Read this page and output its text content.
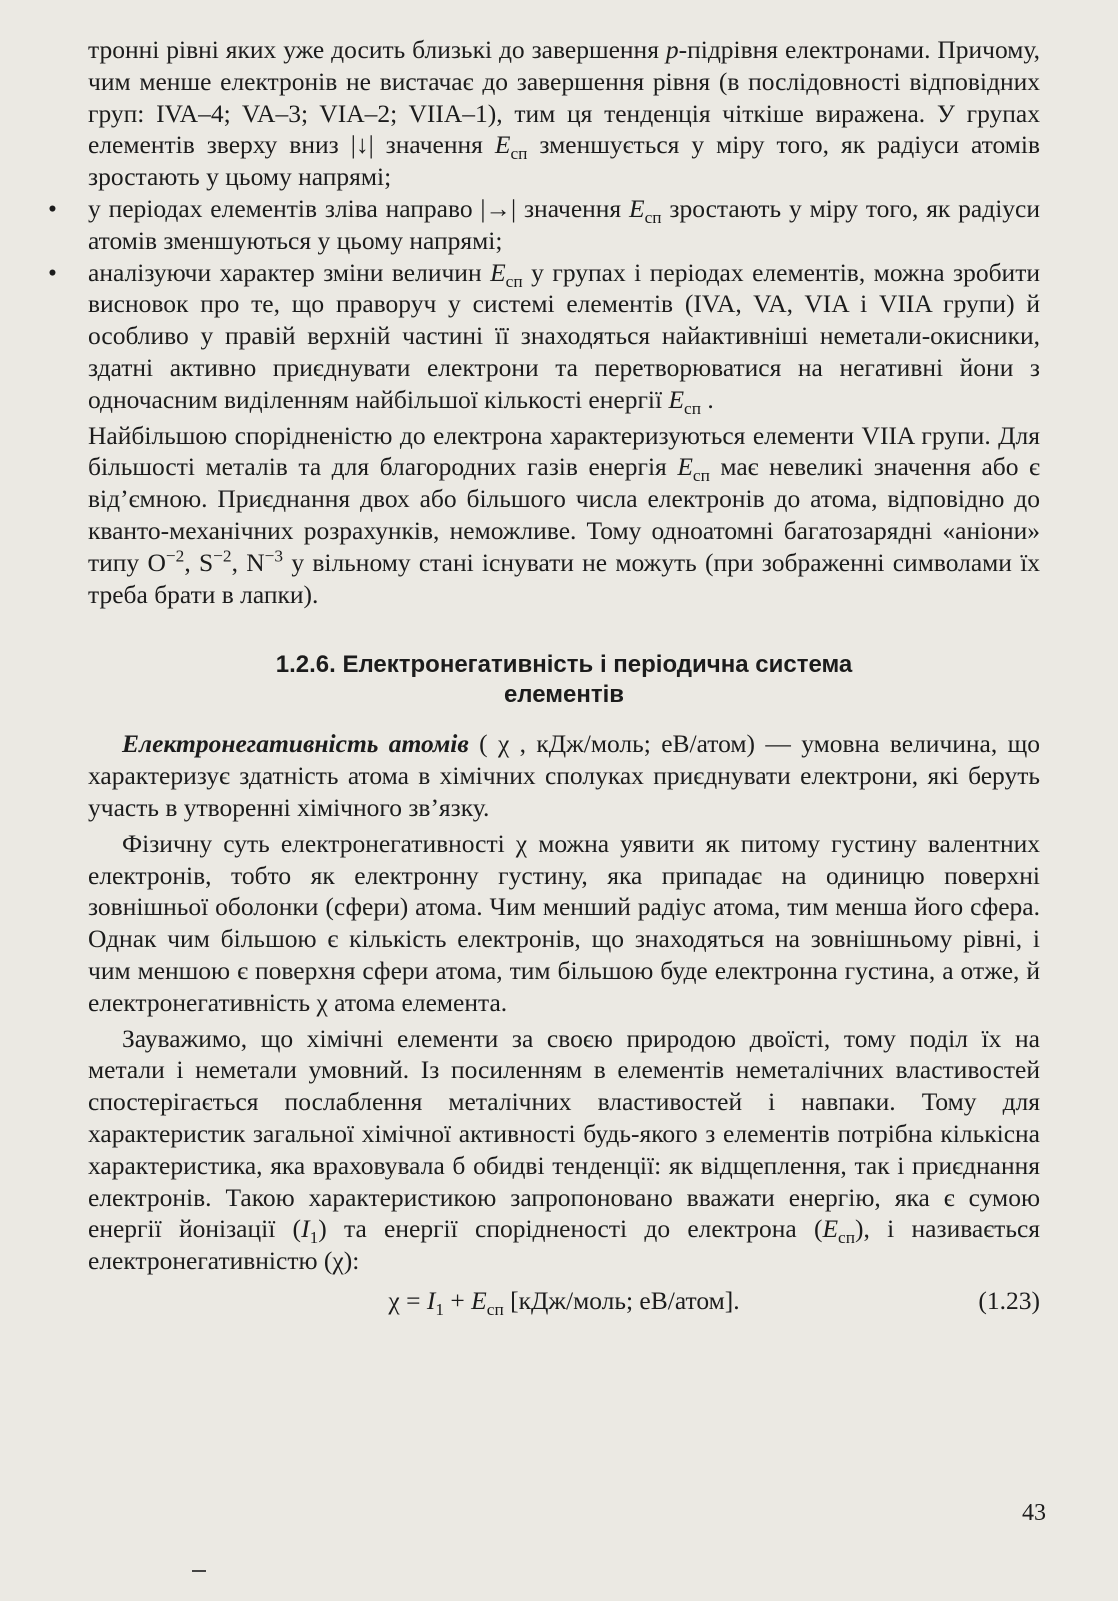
тронні рівні яких уже досить близькі до завершення p-підрівня електронами. Причому, чим менше електронів не вистачає до завершення рівня (в послідовності відповідних груп: IVA–4; VA–3; VIA–2; VIIA–1), тим ця тенденція чіткіше виражена. У групах елементів зверху вниз |↓| значення $E_{сп}$ зменшується у міру того, як радіуси атомів зростають у цьому напрямі;

• у періодах елементів зліва направо |→| значення $E_{сп}$ зростають у міру того, як радіуси атомів зменшуються у цьому напрямі;

• аналізуючи характер зміни величин $E_{сп}$ у групах і періодах елементів, можна зробити висновок про те, що праворуч у системі елементів (IVA, VA, VIA і VIIA групи) й особливо у правій верхній частині її знаходяться найактивніші неметали-окисники, здатні активно приєднувати електрони та перетворюватися на негативні йони з одночасним виділенням найбільшої кількості енергії $E_{сп}$ .

Найбільшою спорідненістю до електрона характеризуються елементи VIIA групи. Для більшості металів та для благородних газів енергія $E_{сп}$ має невеликі значення або є від’ємною. Приєднання двох або більшого числа електронів до атома, відповідно до кванто-механічних розрахунків, неможливе. Тому одноатомні багатозарядні «аніони» типу $O^{-2}$, $S^{-2}$, $N^{-3}$ у вільному стані існувати не можуть (при зображенні символами їх треба брати в лапки).

1.2.6. Електронегативність і періодична система
елементів

Електронегативність атомів ( χ , кДж/моль; еВ/атом) — умовна величина, що характеризує здатність атома в хімічних сполуках приєднувати електрони, які беруть участь в утворенні хімічного зв’язку.

Фізичну суть електронегативності χ можна уявити як питому густину валентних електронів, тобто як електронну густину, яка припадає на одиницю поверхні зовнішньої оболонки (сфери) атома. Чим менший радіус атома, тим менша його сфера. Однак чим більшою є кількість електронів, що знаходяться на зовнішньому рівні, і чим меншою є поверхня сфери атома, тим більшою буде електронна густина, а отже, й електронегативність χ атома елемента.

Зауважимо, що хімічні елементи за своєю природою двоїсті, тому поділ їх на метали і неметали умовний. Із посиленням в елементів неметалічних властивостей спостерігається послаблення металічних властивостей і навпаки. Тому для характеристик загальної хімічної активності будь-якого з елементів потрібна кількісна характеристика, яка враховувала б обидві тенденції: як відщеплення, так і приєднання електронів. Такою характеристикою запропоновано вважати енергію, яка є сумою енергії йонізації $(I_1)$ та енергії спорідненості до електрона $(E_{сп})$, і називається електронегативністю (χ):

$\chi = I_1 + E_{сп}$ [кДж/моль; еВ/атом].	(1.23)

43
